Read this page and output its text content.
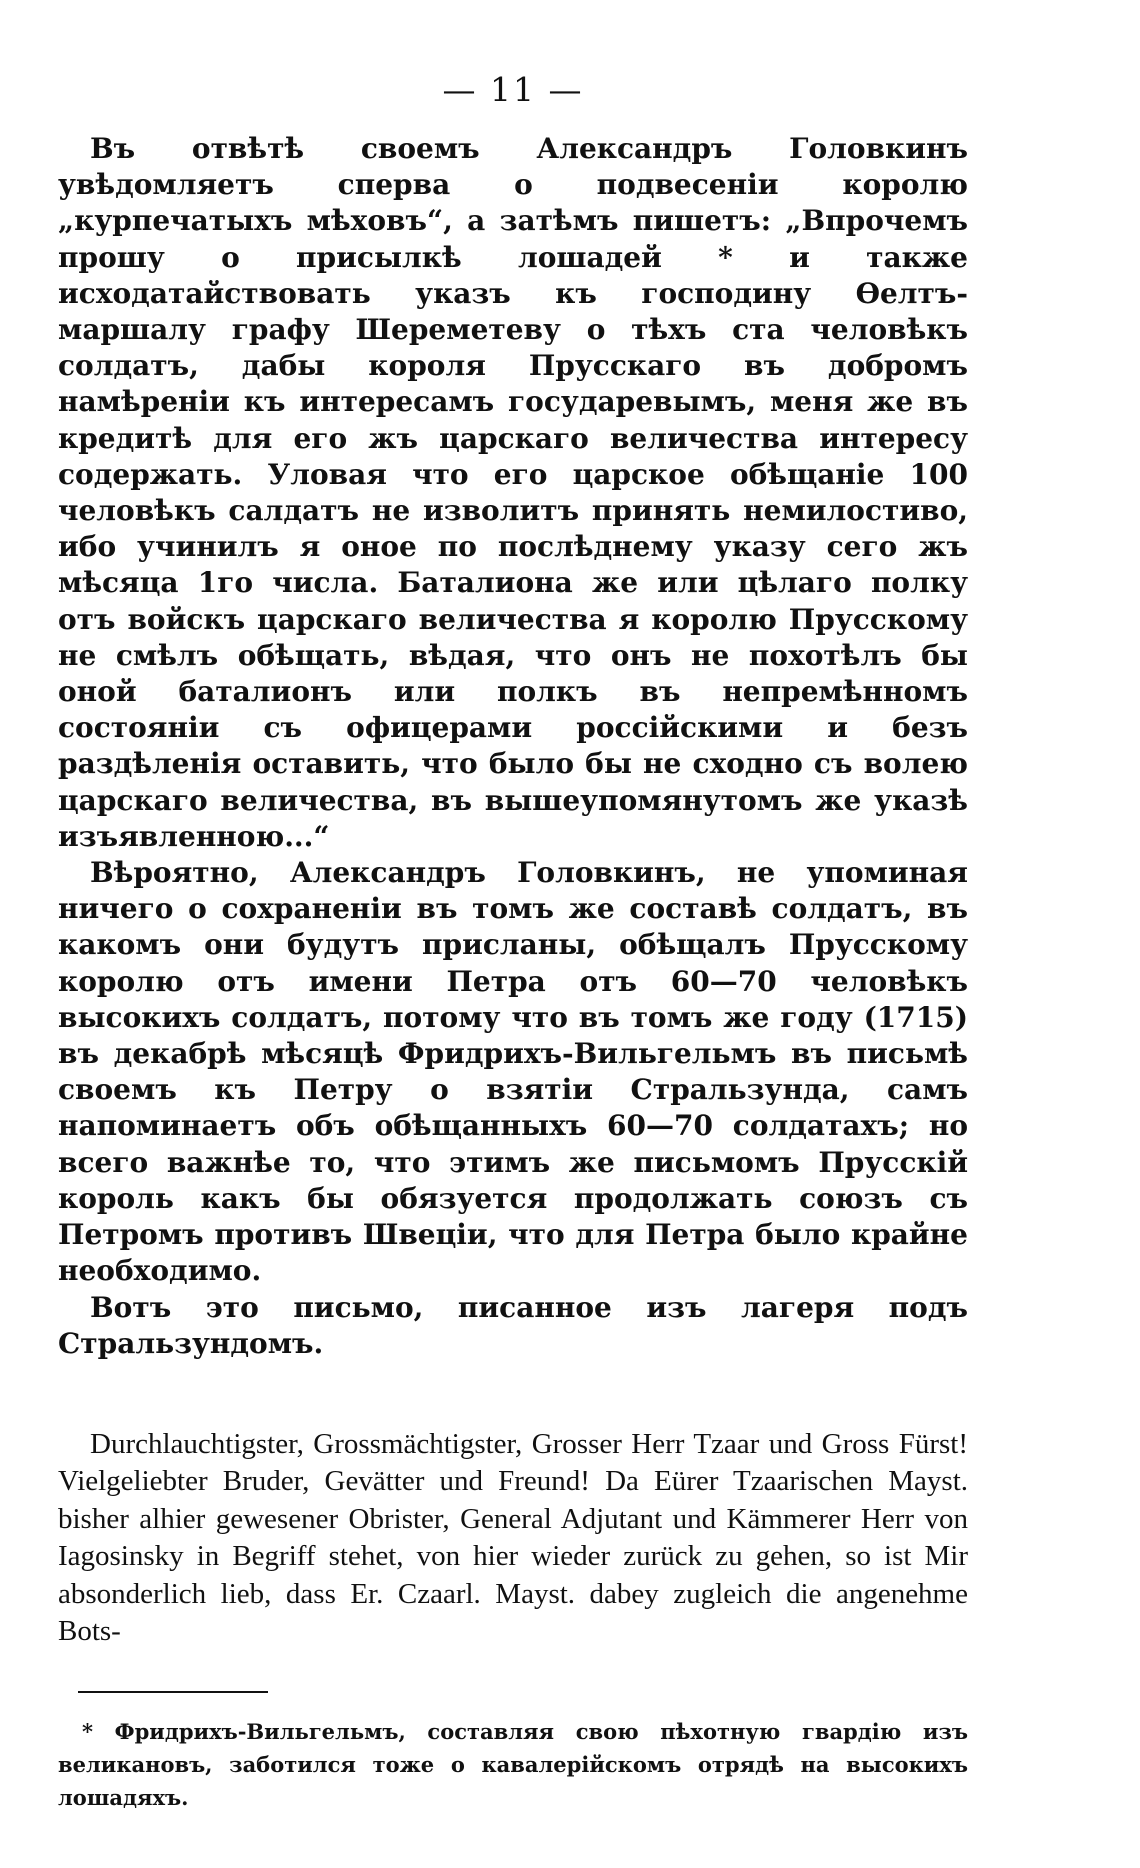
— 11 —

Въ отвѣтѣ своемъ Александръ Головкинъ увѣдомляетъ сперва о подвесеніи королю „курпечатыхъ мѣховъ“, а затѣмъ пишетъ: „Впрочемъ прошу о присылкѣ лошадей * и также исходатайствовать указъ къ господину Ѳелтъ-маршалу графу Шереметеву о тѣхъ ста человѣкъ солдатъ, дабы короля Прусскаго въ добромъ намѣреніи къ интересамъ государевымъ, меня же въ кредитѣ для его жъ царскаго величества интересу содержать. Уловая что его царское обѣщаніе 100 человѣкъ салдатъ не изволитъ принять немилостиво, ибо учинилъ я оное по послѣднему указу сего жъ мѣсяца 1го числа. Баталиона же или цѣлаго полку отъ войскъ царскаго величества я королю Прусскому не смѣлъ обѣщать, вѣдая, что онъ не похотѣлъ бы оной баталионъ или полкъ въ непремѣнномъ состояніи съ офицерами россійскими и безъ раздѣленія оставить, что было бы не сходно съ волею царскаго величества, въ вышеупомянутомъ же указѣ изъявленною...“

Вѣроятно, Александръ Головкинъ, не упоминая ничего о сохраненіи въ томъ же составѣ солдатъ, въ какомъ они будутъ присланы, обѣщалъ Прусскому королю отъ имени Петра отъ 60—70 человѣкъ высокихъ солдатъ, потому что въ томъ же году (1715) въ декабрѣ мѣсяцѣ Фридрихъ-Вильгельмъ въ письмѣ своемъ къ Петру о взятіи Стральзунда, самъ напоминаетъ объ обѣщанныхъ 60—70 солдатахъ; но всего важнѣе то, что этимъ же письмомъ Прусскій король какъ бы обязуется продолжать союзъ съ Петромъ противъ Швеціи, что для Петра было крайне необходимо.

Вотъ это письмо, писанное изъ лагеря подъ Стральзундомъ.

Durchlauchtigster, Grossmächtigster, Grosser Herr Tzaar und Gross Fürst! Vielgeliebter Bruder, Gevätter und Freund! Da Eürer Tzaarischen Mayst. bisher alhier gewesener Obrister, General Adjutant und Kämmerer Herr von Iagosinsky in Begriff stehet, von hier wieder zurück zu gehen, so ist Mir absonderlich lieb, dass Er. Czaarl. Mayst. dabey zugleich die angenehme Bots-

* Фридрихъ-Вильгельмъ, составляя свою пѣхотную гвардію изъ великановъ, заботился тоже о кавалерійскомъ отрядѣ на высокихъ лошадяхъ.
